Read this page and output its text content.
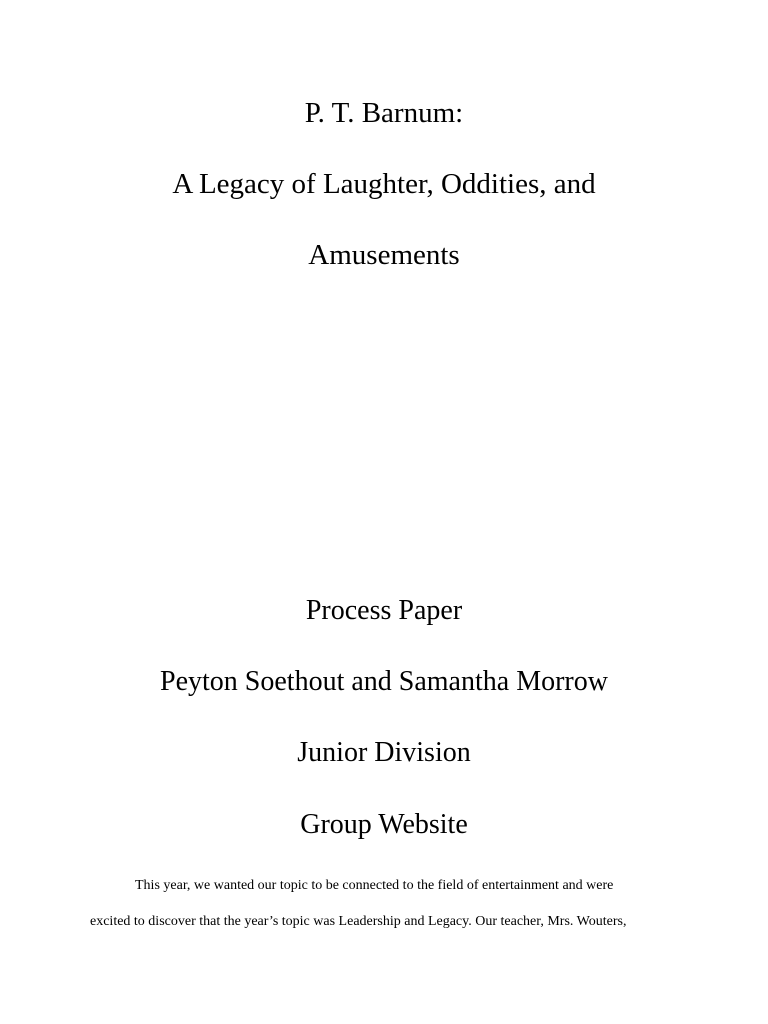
P. T. Barnum:
A Legacy of Laughter, Oddities, and
Amusements
Process Paper
Peyton Soethout and Samantha Morrow
Junior Division
Group Website
This year, we wanted our topic to be connected to the field of entertainment and were
excited to discover that the year’s topic was Leadership and Legacy. Our teacher, Mrs. Wouters,
